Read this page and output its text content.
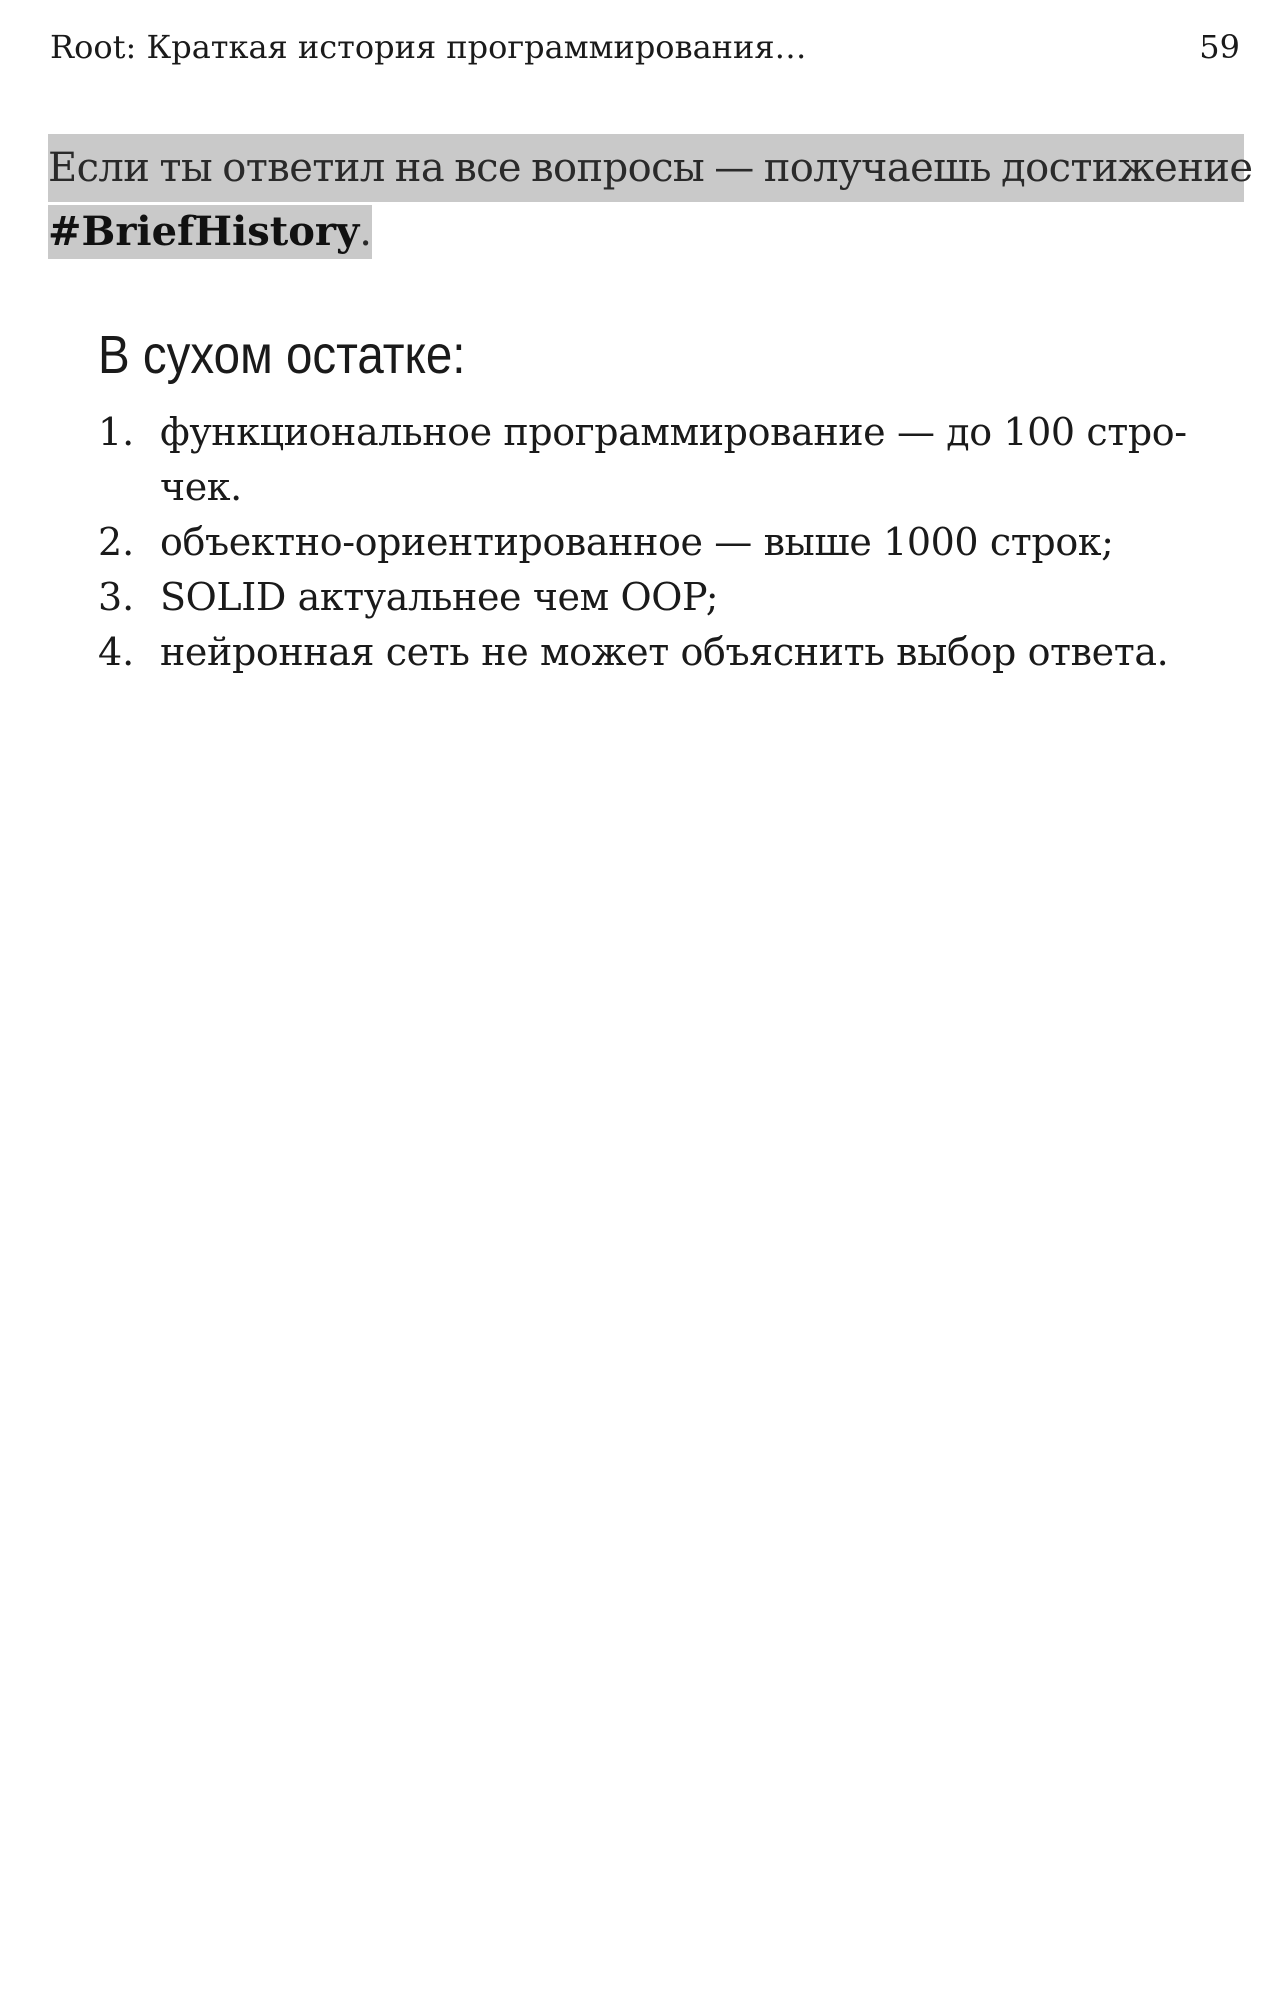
Root: Краткая история программирования…	59
Если ты ответил на все вопросы — получаешь достижение
#BriefHistory.
В сухом остатке:
1. функциональное программирование — до 100 стро-чек.
2. объектно-ориентированное — выше 1000 строк;
3. SOLID актуальнее чем OOP;
4. нейронная сеть не может объяснить выбор ответа.
